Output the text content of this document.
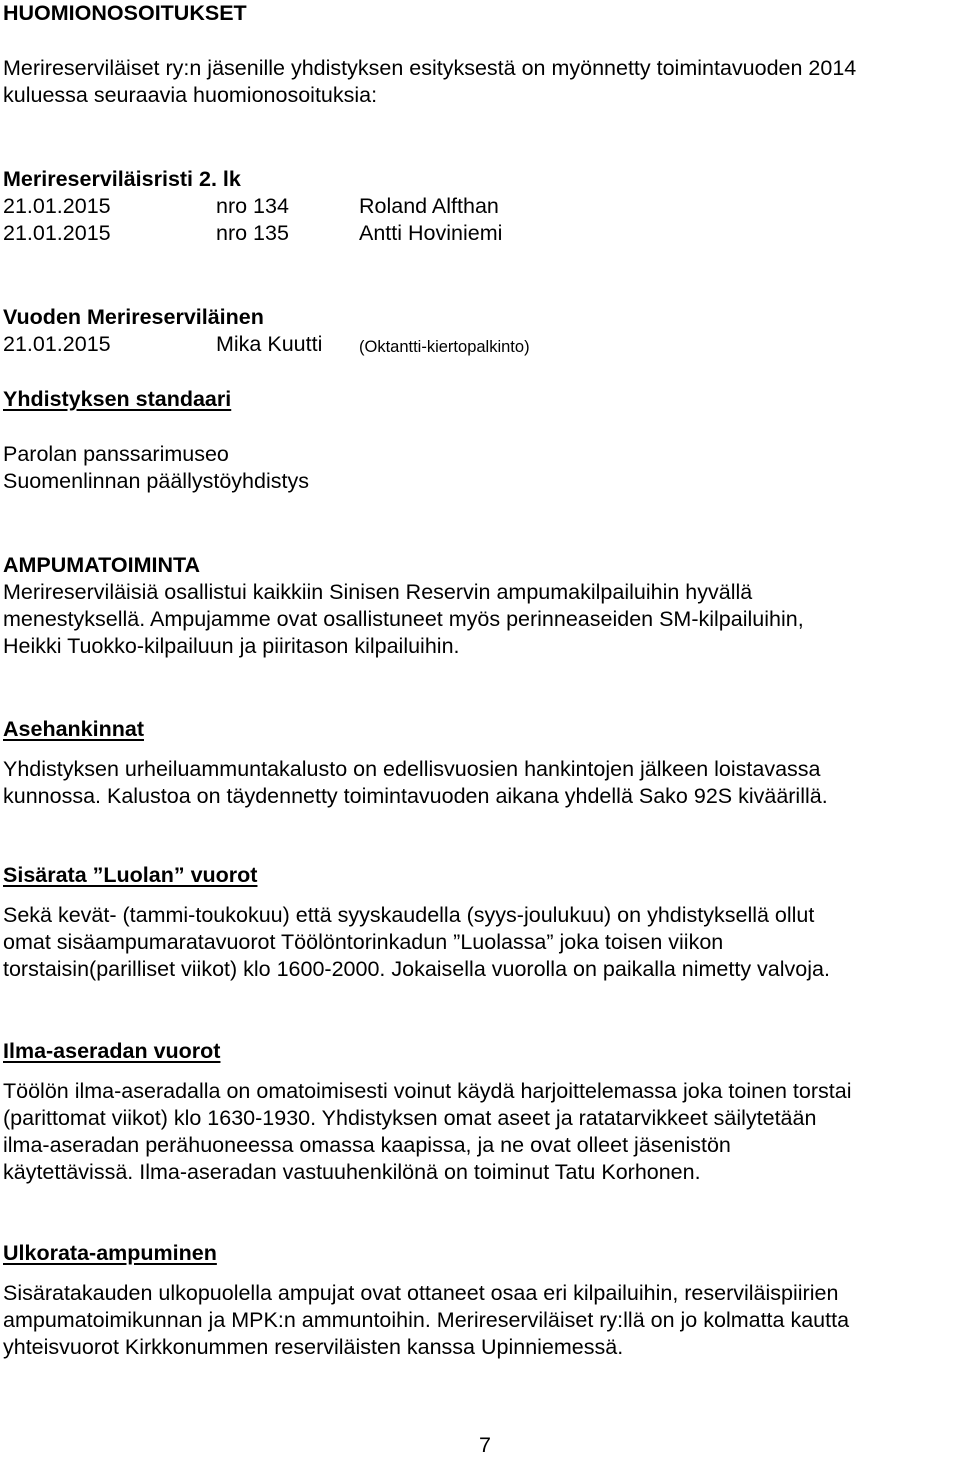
HUOMIONOSOITUKSET
Merireserviläiset ry:n jäsenille yhdistyksen esityksestä on myönnetty toimintavuoden 2014
kuluessa seuraavia huomionosoituksia:
Merireserviläisristi 2. lk
21.01.2015	nro 134	Roland Alfthan
21.01.2015	nro 135	Antti Hoviniemi
Vuoden Merireserviläinen
21.01.2015	Mika Kuutti (Oktantti-kiertopalkinto)
Yhdistyksen standaari
Parolan panssarimuseo
Suomenlinnan päällystöyhdistys
AMPUMATOIMINTA
Merireserviläisiä osallistui kaikkiin Sinisen Reservin ampumakilpailuihin hyvällä
menestyksellä. Ampujamme ovat osallistuneet myös perinneaseiden SM-kilpailuihin,
Heikki Tuokko-kilpailuun ja piiritason kilpailuihin.
Asehankinnat
Yhdistyksen urheiluammuntakalusto on edellisvuosien hankintojen jälkeen loistavassa
kunnossa. Kalustoa on täydennetty toimintavuoden aikana yhdellä Sako 92S kiväärillä.
Sisärata ”Luolan” vuorot
Sekä kevät- (tammi-toukokuu) että syyskaudella (syys-joulukuu) on yhdistyksellä ollut
omat sisäampumaratavuorot Töölöntorinkadun ”Luolassa” joka toisen viikon
torstaisin(parilliset viikot) klo 1600-2000. Jokaisella vuorolla on paikalla nimetty valvoja.
Ilma-aseradan vuorot
Töölön ilma-aseradalla on omatoimisesti voinut käydä harjoittelemassa joka toinen torstai
(parittomat viikot) klo 1630-1930. Yhdistyksen omat aseet ja ratatarvikkeet säilytetään
ilma-aseradan perähuoneessa omassa kaapissa, ja ne ovat olleet jäsenistön
käytettävissä. Ilma-aseradan vastuuhenkilönä on toiminut Tatu Korhonen.
Ulkorata-ampuminen
Sisäratakauden ulkopuolella ampujat ovat ottaneet osaa eri kilpailuihin, reserviläispiirien
ampumatoimikunnan ja MPK:n ammuntoihin. Merireserviläiset ry:llä on jo kolmatta kautta
yhteisvuorot Kirkkonummen reserviläisten kanssa Upinniemessä.
7
